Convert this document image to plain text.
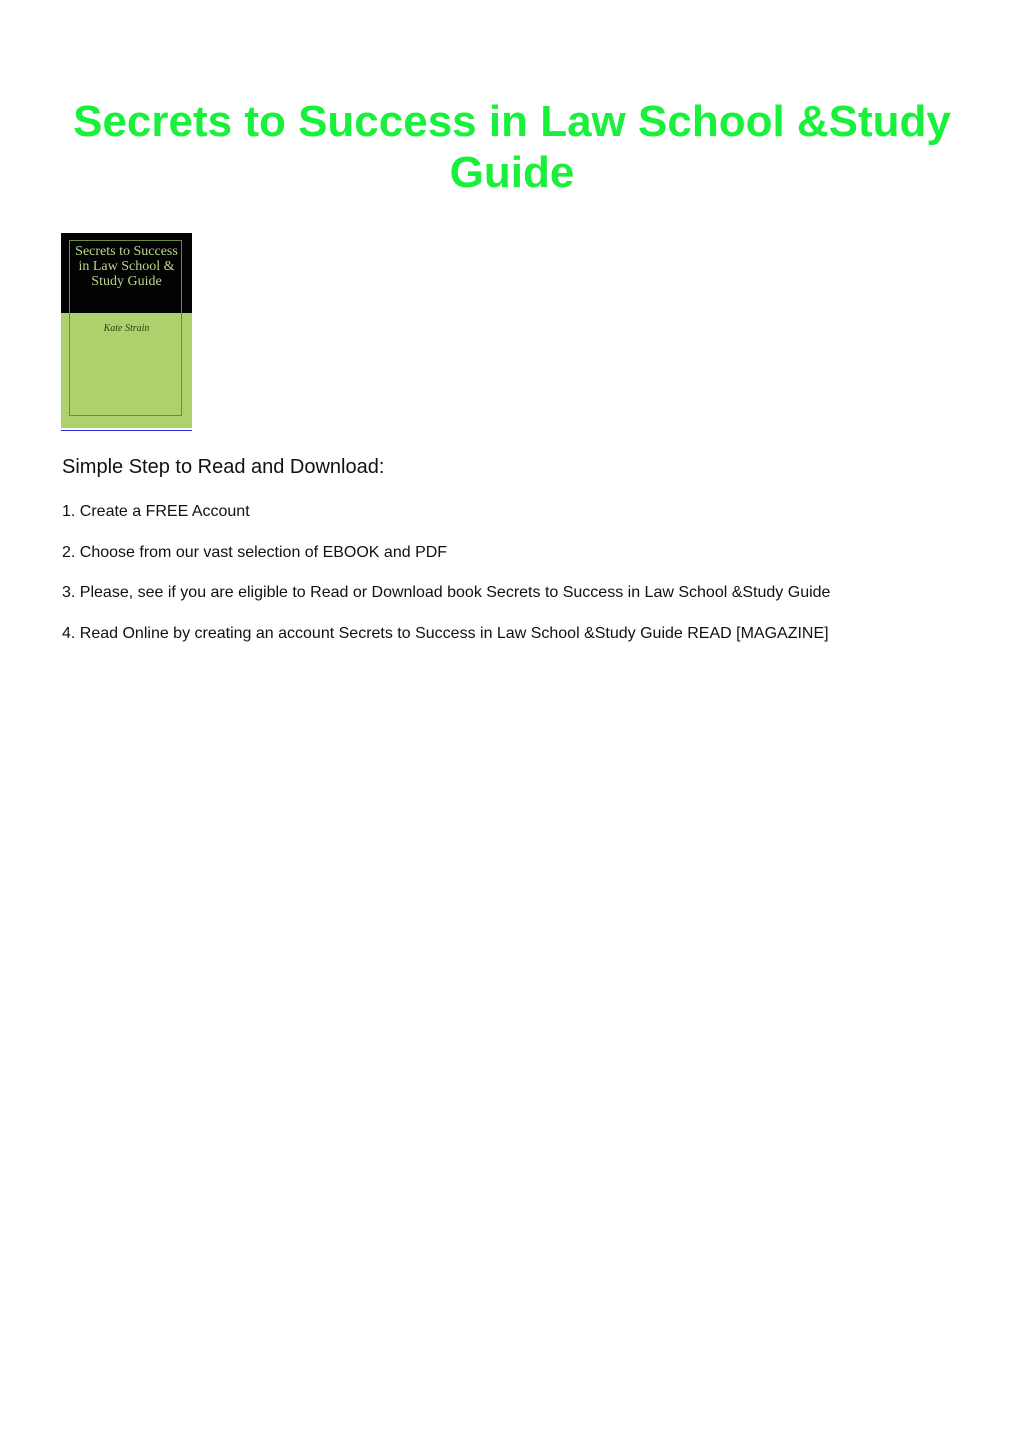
Secrets to Success in Law School &Study Guide
Secrets to Success in Law School & Study Guide
Kate Strain
Simple Step to Read and Download:
1. Create a FREE Account
2. Choose from our vast selection of EBOOK and PDF
3. Please, see if you are eligible to Read or Download book Secrets to Success in Law School &Study Guide
4. Read Online by creating an account Secrets to Success in Law School &Study Guide READ [MAGAZINE]
